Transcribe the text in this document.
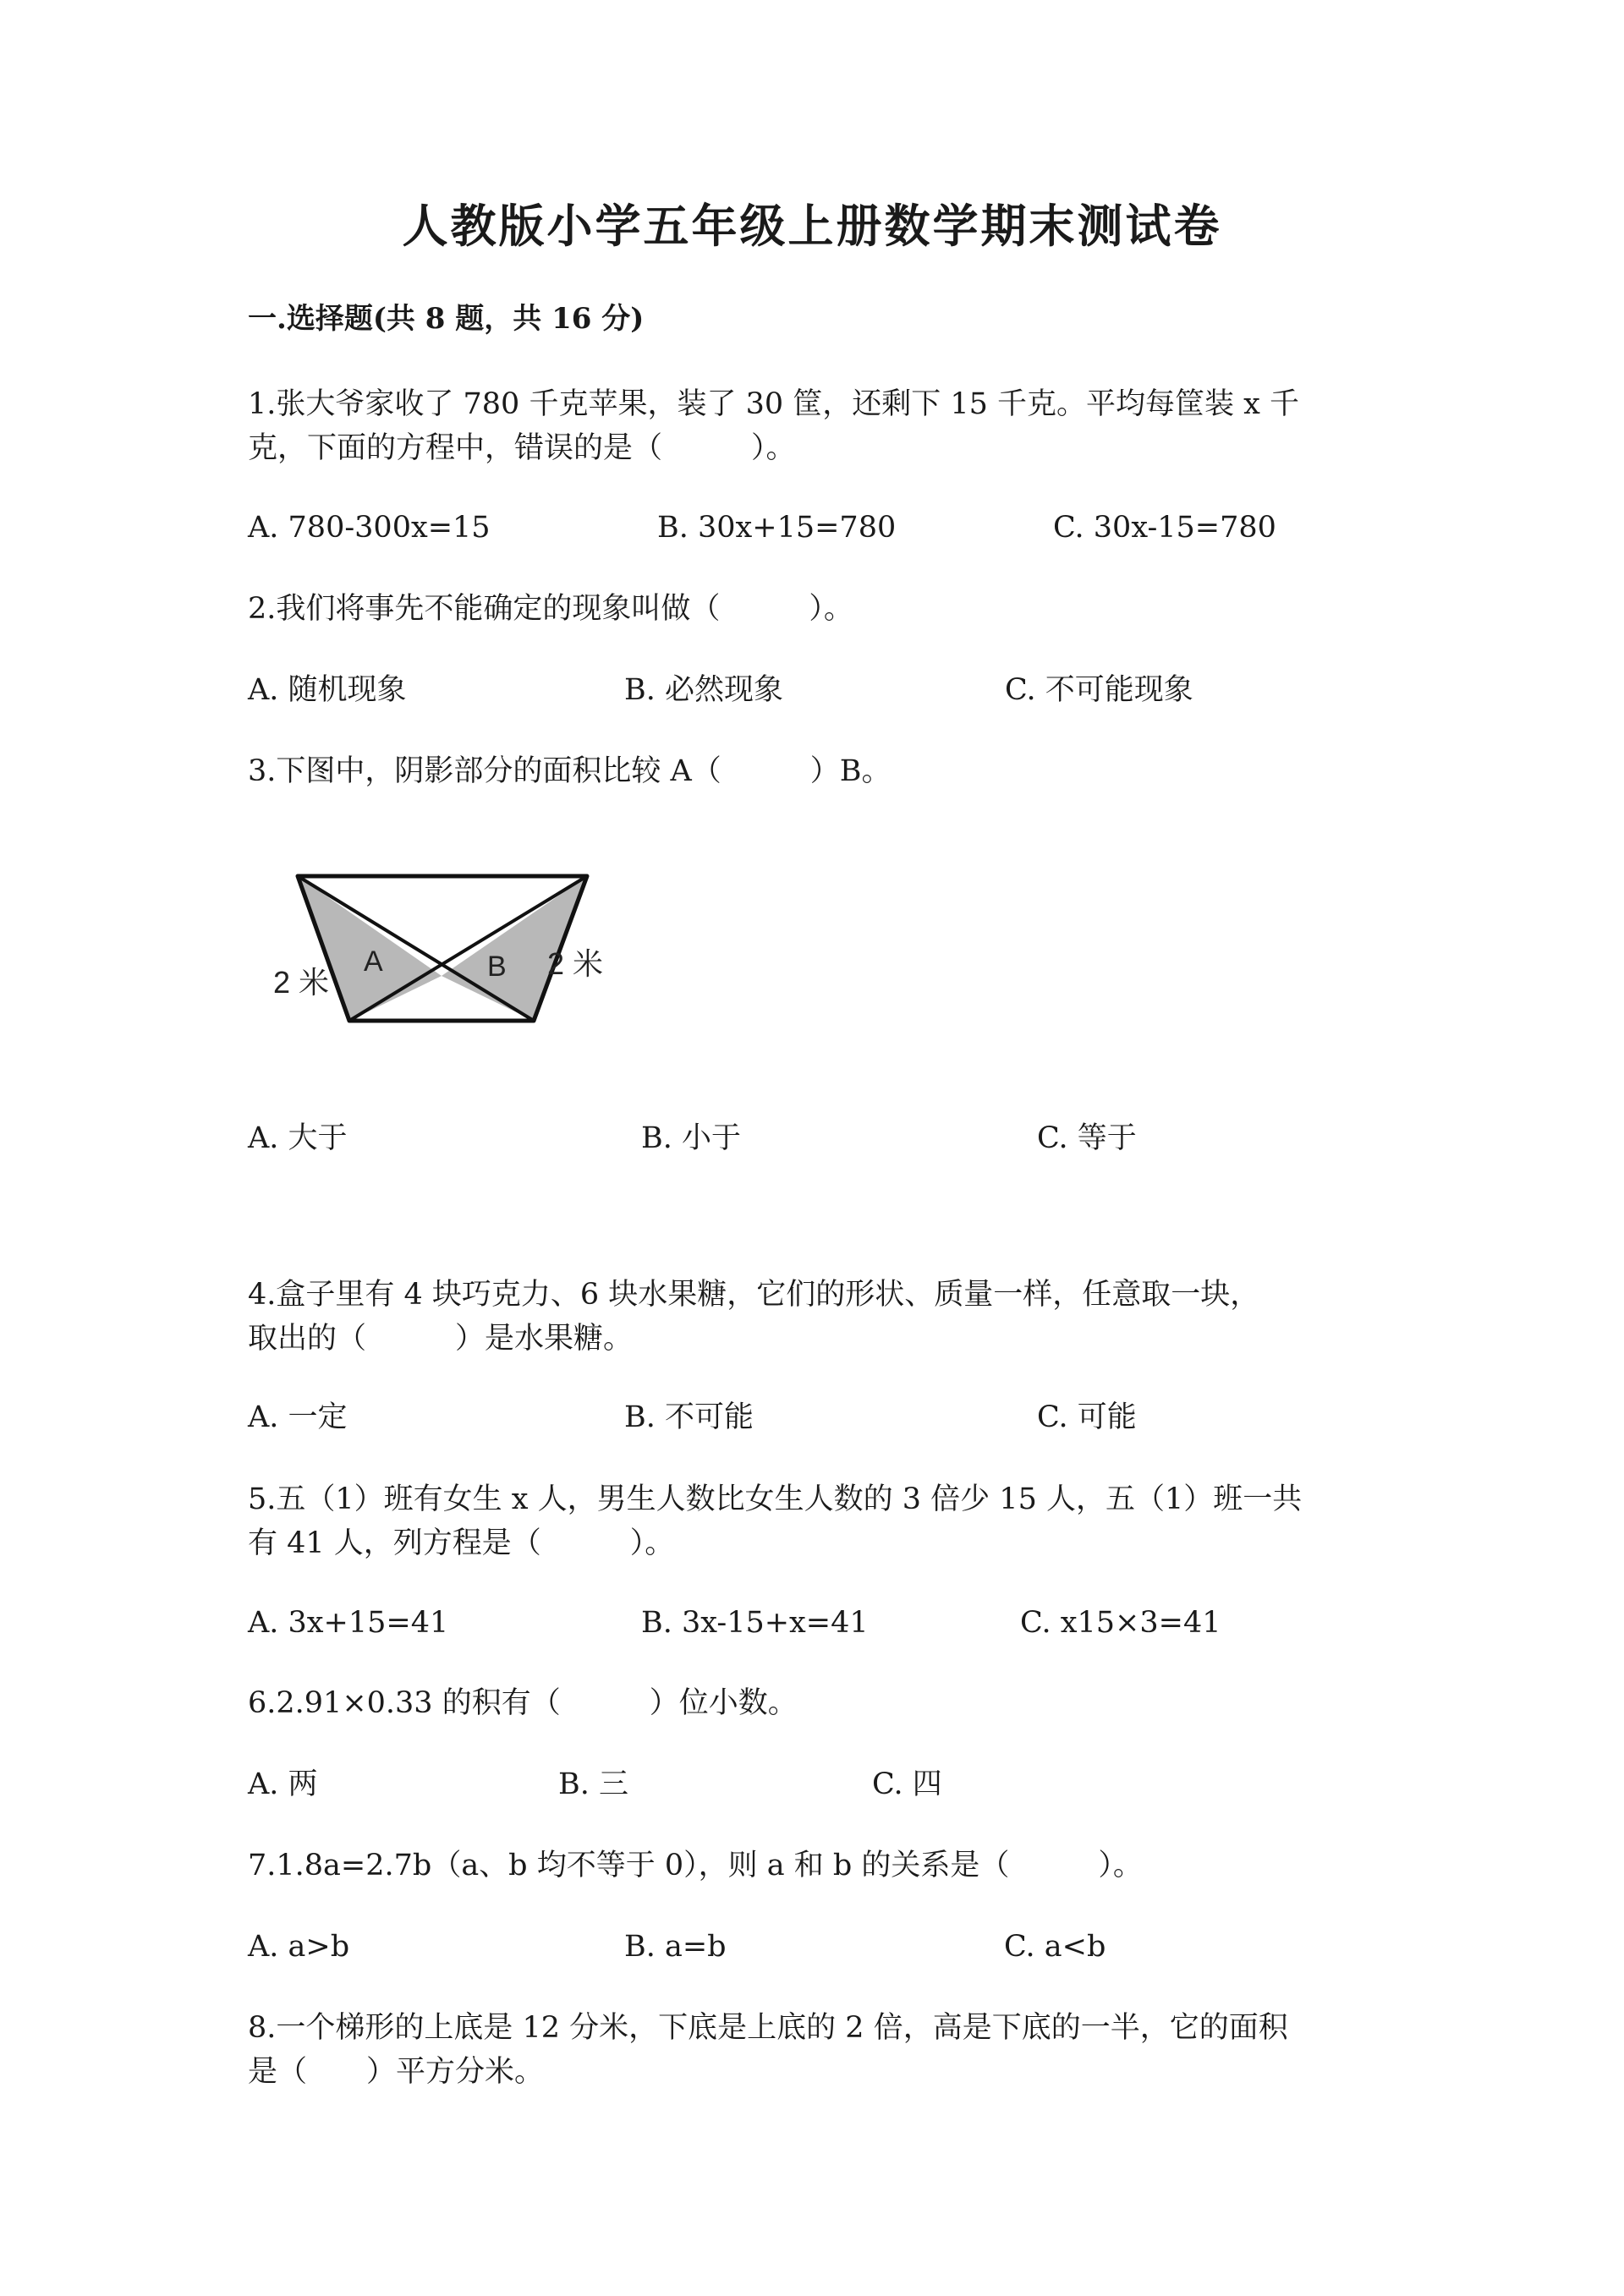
人教版小学五年级上册数学期末测试卷
一.选择题(共 8 题，共 16 分)
1.张大爷家收了 780 千克苹果，装了 30 筐，还剩下 15 千克。平均每筐装 x 千
克，下面的方程中，错误的是（　　　）。
A. 780-300x=15	B. 30x+15=780	C. 30x-15=780
2.我们将事先不能确定的现象叫做（　　　）。
A. 随机现象	B. 必然现象	C. 不可能现象
3.下图中，阴影部分的面积比较 A（　　　）B。
A	B
2 米
2 米
A. 大于	B. 小于	C. 等于
4.盒子里有 4 块巧克力、6 块水果糖，它们的形状、质量一样，任意取一块，
取出的（　　　）是水果糖。
A. 一定	B. 不可能	C. 可能
5.五（1）班有女生 x 人，男生人数比女生人数的 3 倍少 15 人，五（1）班一共
有 41 人，列方程是（　　　）。
A. 3x+15=41	B. 3x-15+x=41	C. x15×3=41
6.2.91×0.33 的积有（　　　）位小数。
A. 两	B. 三	C. 四
7.1.8a=2.7b（a、b 均不等于 0），则 a 和 b 的关系是（　　　）。
A. a>b	B. a=b	C. a<b
8.一个梯形的上底是 12 分米，下底是上底的 2 倍，高是下底的一半，它的面积
是（　　）平方分米。
